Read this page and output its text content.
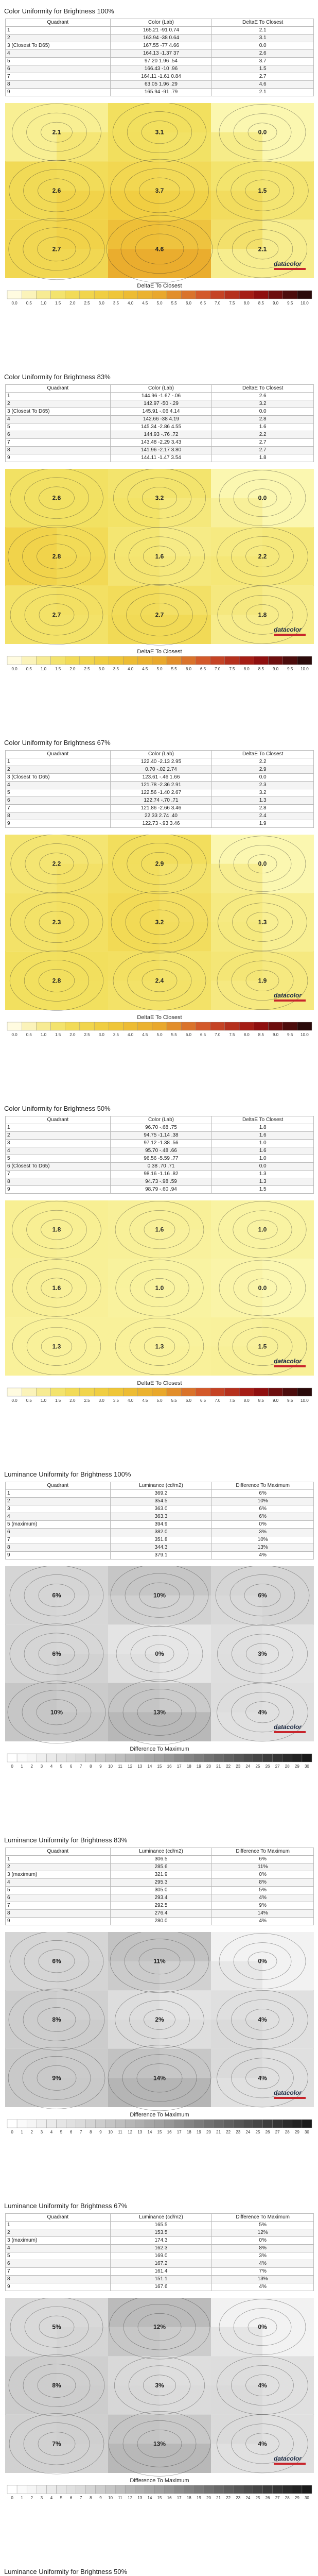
Color Uniformity for Brightness 100%
Quadrant	Color (Lab)	DeltaE To Closest
1	165.21 -91 0.74	2.1
2	163.94 -38 0.64	3.1
3 (Closest To D65)	167.55 -77 4.66	0.0
4	164.13 -1.37 37	2.6
5	97.20 1.96 .54	3.7
6	166.43 -10 .96	1.5
7	164.11 -1.61 0.84	2.7
8	63.05 1.96 .29	4.6
9	165.94 -91 .79	2.1
2.1	3.1	0.0
2.6	3.7	1.5
2.7	4.6	2.1
datacolor
DeltaE To Closest
0.0 0.5 1.0 1.5 2.0 2.5 3.0 3.5 4.0 4.5 5.0 5.5 6.0 6.5 7.0 7.5 8.0 8.5 9.0 9.5 10.0
Color Uniformity for Brightness 83%
Quadrant	Color (Lab)	DeltaE To Closest
1	144.96 -1.67 -.06	2.6
2	142.97 -50 -.29	3.2
3 (Closest To D65)	145.91 -.06 4.14	0.0
4	142.66 -38 4.19	2.8
5	145.34 -2.86 4.55	1.6
6	144.93 -.76 .72	2.2
7	143.48 -2.29 3.43	2.7
8	141.96 -2.17 3.80	2.7
9	144.11 -1.47 3.54	1.8
2.6	3.2	0.0
2.8	1.6	2.2
2.7	2.7	1.8
datacolor
DeltaE To Closest
0.0 0.5 1.0 1.5 2.0 2.5 3.0 3.5 4.0 4.5 5.0 5.5 6.0 6.5 7.0 7.5 8.0 8.5 9.0 9.5 10.0
Color Uniformity for Brightness 67%
Quadrant	Color (Lab)	DeltaE To Closest
1	122.40 -2.13 2.95	2.2
2	0.70 -.02 2.74	2.9
3 (Closest To D65)	123.61 -.46 1.66	0.0
4	121.78 -2.36 2.91	2.3
5	122.56 -1.40 2.67	3.2
6	122.74 -.70 .71	1.3
7	121.86 -2.66 3.46	2.8
8	22.33 2.74 .40	2.4
9	122.73 -.93 3.46	1.9
2.2	2.9	0.0
2.3	3.2	1.3
2.8	2.4	1.9
datacolor
DeltaE To Closest
0.0 0.5 1.0 1.5 2.0 2.5 3.0 3.5 4.0 4.5 5.0 5.5 6.0 6.5 7.0 7.5 8.0 8.5 9.0 9.5 10.0
Color Uniformity for Brightness 50%
Quadrant	Color (Lab)	DeltaE To Closest
1	96.70 -.68 .75	1.8
2	94.75 -1.14 .38	1.6
3	97.12 -1.38 .56	1.0
4	95.70 -.48 .66	1.6
5	96.56 -5.59 .77	1.0
6 (Closest To D65)	0.38 .70 .71	0.0
7	98.16 -1.16 .82	1.3
8	94.73 -.98 .59	1.3
9	98.79 -.60 .94	1.5
1.8	1.6	1.0
1.6	1.0	0.0
1.3	1.3	1.5
datacolor
DeltaE To Closest
0.0 0.5 1.0 1.5 2.0 2.5 3.0 3.5 4.0 4.5 5.0 5.5 6.0 6.5 7.0 7.5 8.0 8.5 9.0 9.5 10.0
Luminance Uniformity for Brightness 100%
Quadrant	Luminance (cd/m2)	Difference To Maximum
1	369.2	6%
2	354.5	10%
3	363.0	6%
4	363.3	6%
5 (maximum)	394.9	0%
6	382.0	3%
7	351.8	10%
8	344.3	13%
9	379.1	4%
6%	10%	6%
6%	0%	3%
10%	13%	4%
datacolor
Difference To Maximum
0 1 2 3 4 5 6 7 8 9 10 11 12 13 14 15 16 17 18 19 20 21 22 23 24 25 26 27 28 29 30
Luminance Uniformity for Brightness 83%
Quadrant	Luminance (cd/m2)	Difference To Maximum
1	306.5	6%
2	285.6	11%
3 (maximum)	321.9	0%
4	295.3	8%
5	305.0	5%
6	293.4	4%
7	292.5	9%
8	276.4	14%
9	280.0	4%
6%	11%	0%
8%	2%	4%
9%	14%	4%
datacolor
Difference To Maximum
0 1 2 3 4 5 6 7 8 9 10 11 12 13 14 15 16 17 18 19 20 21 22 23 24 25 26 27 28 29 30
Luminance Uniformity for Brightness 67%
Quadrant	Luminance (cd/m2)	Difference To Maximum
1	165.5	5%
2	153.5	12%
3 (maximum)	174.3	0%
4	162.3	8%
5	169.0	3%
6	167.2	4%
7	161.4	7%
8	151.1	13%
9	167.6	4%
5%	12%	0%
8%	3%	4%
7%	13%	4%
datacolor
Difference To Maximum
0 1 2 3 4 5 6 7 8 9 10 11 12 13 14 15 16 17 18 19 20 21 22 23 24 25 26 27 28 29 30
Luminance Uniformity for Brightness 50%
